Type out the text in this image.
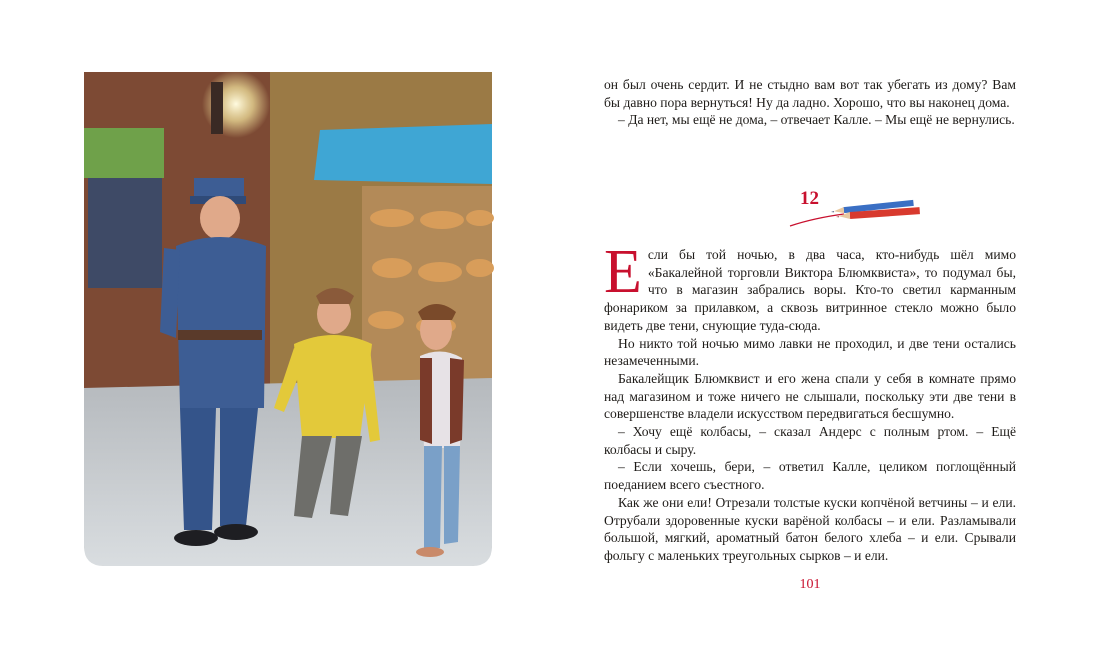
он был очень сердит. И не стыдно вам вот так убегать из дому? Вам бы давно пора вернуться! Ну да ладно. Хорошо, что вы наконец дома.

– Да нет, мы ещё не дома, – отвечает Калле. – Мы ещё не вернулись.

12

Если бы той ночью, в два часа, кто-нибудь шёл мимо «Бакалейной торговли Виктора Блюмквиста», то подумал бы, что в магазин забрались воры. Кто-то светил карманным фонариком за прилавком, а сквозь витринное стекло можно было видеть две тени, снующие туда-сюда.

Но никто той ночью мимо лавки не проходил, и две тени остались незамеченными.

Бакалейщик Блюмквист и его жена спали у себя в комнате прямо над магазином и тоже ничего не слышали, поскольку эти две тени в совершенстве владели искусством передвигаться бесшумно.

– Хочу ещё колбасы, – сказал Андерс с полным ртом. – Ещё колбасы и сыру.

– Если хочешь, бери, – ответил Калле, целиком поглощённый поеданием всего съестного.

Как же они ели! Отрезали толстые куски копчёной ветчины – и ели. Отрубали здоровенные куски варёной колбасы – и ели. Разламывали большой, мягкий, ароматный батон белого хлеба – и ели. Срывали фольгу с маленьких треугольных сырков – и ели.

101
